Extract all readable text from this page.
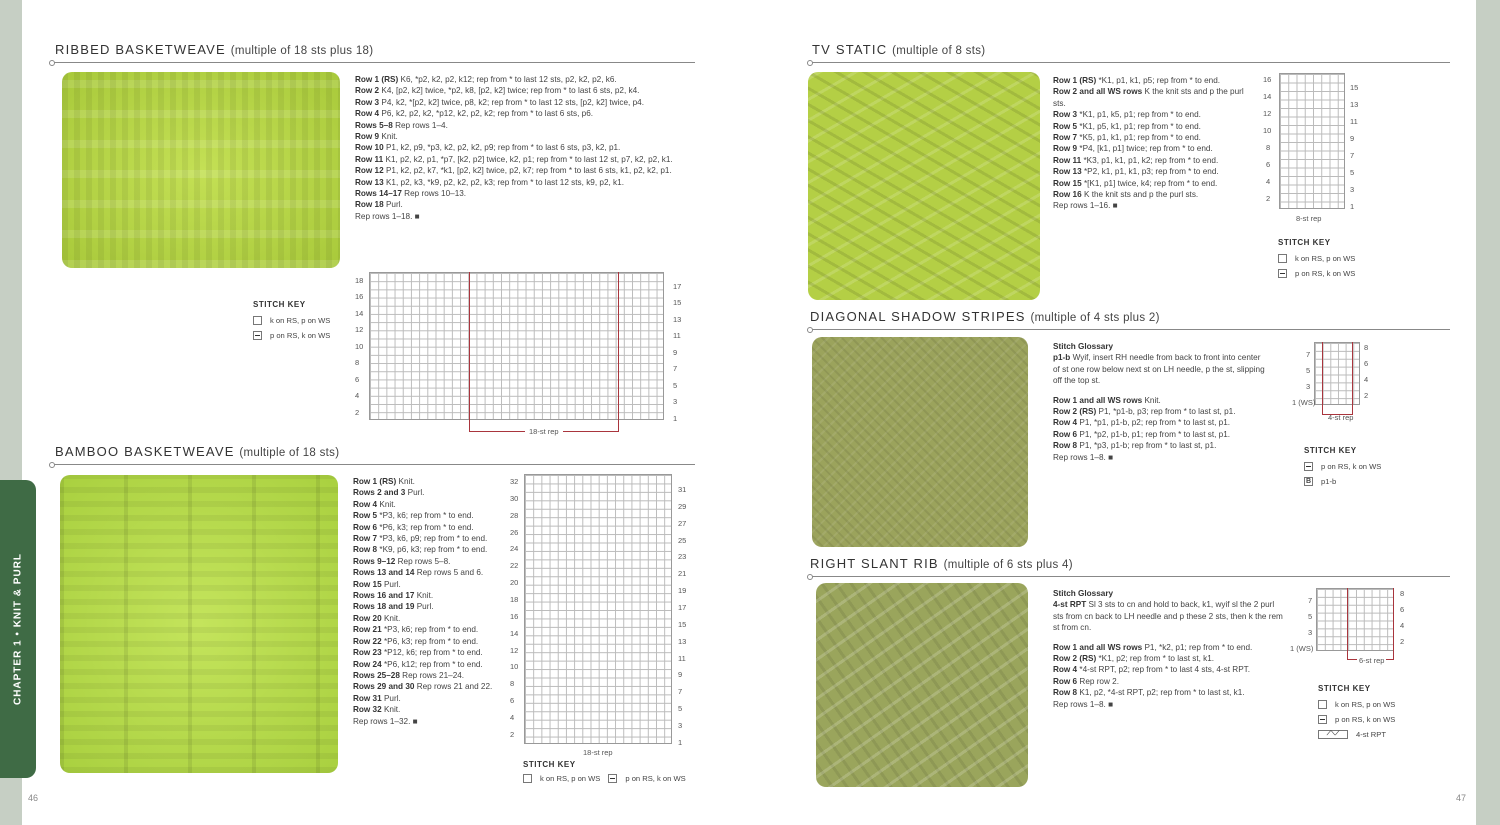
CHAPTER 1 • KNIT & PURL
46
RIBBED BASKETWEAVE (multiple of 18 sts plus 18)

Row 1 (RS) K6, *p2, k2, p2, k12; rep from * to last 12 sts, p2, k2, p2, k6.

Row 2 K4, [p2, k2] twice, *p2, k8, [p2, k2] twice; rep from * to last 6 sts, p2, k4.

Row 3 P4, k2, *[p2, k2] twice, p8, k2; rep from * to last 12 sts, [p2, k2] twice, p4.

Row 4 P6, k2, p2, k2, *p12, k2, p2, k2; rep from * to last 6 sts, p6.

Rows 5–8 Rep rows 1–4.

Row 9 Knit.

Row 10 P1, k2, p9, *p3, k2, p2, k2, p9; rep from * to last 6 sts, p3, k2, p1.

Row 11 K1, p2, k2, p1, *p7, [k2, p2] twice, k2, p1; rep from * to last 12 st, p7, k2, p2, k1.

Row 12 P1, k2, p2, k7, *k1, [p2, k2] twice, p2, k7; rep from * to last 6 sts, k1, p2, k2, p1.

Row 13 K1, p2, k3, *k9, p2, k2, p2, k3; rep from * to last 12 sts, k9, p2, k1.

Rows 14–17 Rep rows 10–13.

Row 18 Purl.

Rep rows 1–18. ■

18-st rep
18
16
14
12
10
8
6
4
2
17
15
13
11
9
7
5
3
1
STITCH KEY
k on RS, p on WS
p on RS, k on WS
BAMBOO BASKETWEAVE (multiple of 18 sts)

Row 1 (RS) Knit.

Rows 2 and 3 Purl.

Row 4 Knit.

Row 5 *P3, k6; rep from * to end.

Row 6 *P6, k3; rep from * to end.

Row 7 *P3, k6, p9; rep from * to end.

Row 8 *K9, p6, k3; rep from * to end.

Rows 9–12 Rep rows 5–8.

Rows 13 and 14 Rep rows 5 and 6.

Row 15 Purl.

Rows 16 and 17 Knit.

Rows 18 and 19 Purl.

Row 20 Knit.

Row 21 *P3, k6; rep from * to end.

Row 22 *P6, k3; rep from * to end.

Row 23 *P12, k6; rep from * to end.

Row 24 *P6, k12; rep from * to end.

Rows 25–28 Rep rows 21–24.

Rows 29 and 30 Rep rows 21 and 22.

Row 31 Purl.

Row 32 Knit.

Rep rows 1–32. ■

18-st rep
32
30
28
26
24
22
20
18
16
14
12
10
8
6
4
2
31
29
27
25
23
21
19
17
15
13
11
9
7
5
3
1
STITCH KEY
k on RS, p on WS	p on RS, k on WS
47
TV STATIC (multiple of 8 sts)

Row 1 (RS) *K1, p1, k1, p5; rep from * to end.

Row 2 and all WS rows K the knit sts and p the purl sts.

Row 3 *K1, p1, k5, p1; rep from * to end.

Row 5 *K1, p5, k1, p1; rep from * to end.

Row 7 *K5, p1, k1, p1; rep from * to end.

Row 9 *P4, [k1, p1] twice; rep from * to end.

Row 11 *K3, p1, k1, p1, k2; rep from * to end.

Row 13 *P2, k1, p1, k1, p3; rep from * to end.

Row 15 *[K1, p1] twice, k4; rep from * to end.

Row 16 K the knit sts and p the purl sts.

Rep rows 1–16. ■

8-st rep
16
14
12
10
8
6
4
2
15
13
11
9
7
5
3
1
STITCH KEY
k on RS, p on WS
p on RS, k on WS
DIAGONAL SHADOW STRIPES (multiple of 4 sts plus 2)

Stitch Glossary

p1-b Wyif, insert RH needle from back to front into center of st one row below next st on LH needle, p the st, slipping off the top st.

Row 1 and all WS rows Knit.

Row 2 (RS) P1, *p1-b, p3; rep from * to last st, p1.

Row 4 P1, *p1, p1-b, p2; rep from * to last st, p1.

Row 6 P1, *p2, p1-b, p1; rep from * to last st, p1.

Row 8 P1, *p3, p1-b; rep from * to last st, p1.

Rep rows 1–8. ■

4-st rep
7
5
3
1 (WS)
8
6
4
2
STITCH KEY
p on RS, k on WS
B p1-b
RIGHT SLANT RIB (multiple of 6 sts plus 4)

Stitch Glossary

4-st RPT Sl 3 sts to cn and hold to back, k1, wyif sl the 2 purl sts from cn back to LH needle and p these 2 sts, then k the rem st from cn.

Row 1 and all WS rows P1, *k2, p1; rep from * to end.

Row 2 (RS) *K1, p2; rep from * to last st, k1.

Row 4 *4-st RPT, p2; rep from * to last 4 sts, 4-st RPT.

Row 6 Rep row 2.

Row 8 K1, p2, *4-st RPT, p2; rep from * to last st, k1.

Rep rows 1–8. ■

6-st rep
7
5
3
1 (WS)
8
6
4
2
STITCH KEY
k on RS, p on WS
p on RS, k on WS
⟋⟍⟋	4-st RPT
